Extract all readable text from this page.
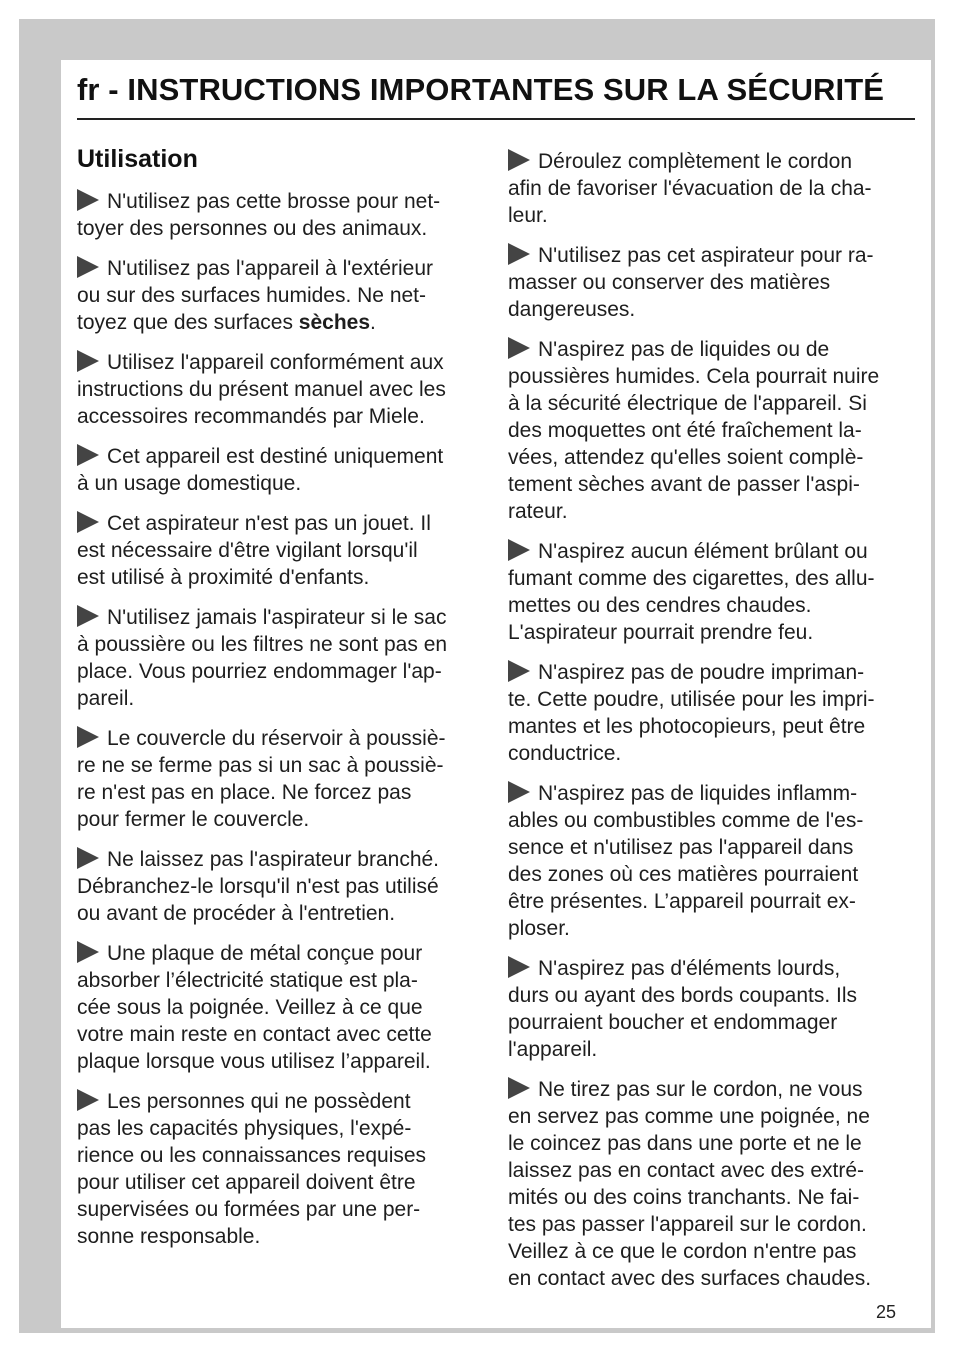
fr - INSTRUCTIONS IMPORTANTES SUR LA SÉCURITÉ
Utilisation

N'utilisez pas cette brosse pour net-
toyer des personnes ou des animaux.

N'utilisez pas l'appareil à l'extérieur
ou sur des surfaces humides. Ne net-
toyez que des surfaces sèches.

Utilisez l'appareil conformément aux
instructions du présent manuel avec les
accessoires recommandés par Miele.

Cet appareil est destiné uniquement
à un usage domestique.

Cet aspirateur n'est pas un jouet. Il
est nécessaire d'être vigilant lorsqu'il
est utilisé à proximité d'enfants.

N'utilisez jamais l'aspirateur si le sac
à poussière ou les filtres ne sont pas en
place. Vous pourriez endommager l'ap-
pareil.

Le couvercle du réservoir à poussiè-
re ne se ferme pas si un sac à poussiè-
re n'est pas en place. Ne forcez pas
pour fermer le couvercle.

Ne laissez pas l'aspirateur branché.
Débranchez-le lorsqu'il n'est pas utilisé
ou avant de procéder à l'entretien.

Une plaque de métal conçue pour
absorber l’électricité statique est pla-
cée sous la poignée. Veillez à ce que
votre main reste en contact avec cette
plaque lorsque vous utilisez l’appareil.

Les personnes qui ne possèdent
pas les capacités physiques, l'expé-
rience ou les connaissances requises
pour utiliser cet appareil doivent être
supervisées ou formées par une per-
sonne responsable.

Déroulez complètement le cordon
afin de favoriser l'évacuation de la cha-
leur.

N'utilisez pas cet aspirateur pour ra-
masser ou conserver des matières
dangereuses.

N'aspirez pas de liquides ou de
poussières humides. Cela pourrait nuire
à la sécurité électrique de l'appareil. Si
des moquettes ont été fraîchement la-
vées, attendez qu'elles soient complè-
tement sèches avant de passer l'aspi-
rateur.

N'aspirez aucun élément brûlant ou
fumant comme des cigarettes, des allu-
mettes ou des cendres chaudes.
L'aspirateur pourrait prendre feu.

N'aspirez pas de poudre impriman-
te. Cette poudre, utilisée pour les impri-
mantes et les photocopieurs, peut être
conductrice.

N'aspirez pas de liquides inflamm-
ables ou combustibles comme de l'es-
sence et n'utilisez pas l'appareil dans
des zones où ces matières pourraient
être présentes. L’appareil pourrait ex-
ploser.

N'aspirez pas d'éléments lourds,
durs ou ayant des bords coupants. Ils
pourraient boucher et endommager
l'appareil.

Ne tirez pas sur le cordon, ne vous
en servez pas comme une poignée, ne
le coincez pas dans une porte et ne le
laissez pas en contact avec des extré-
mités ou des coins tranchants. Ne fai-
tes pas passer l'appareil sur le cordon.
Veillez à ce que le cordon n'entre pas
en contact avec des surfaces chaudes.

25
